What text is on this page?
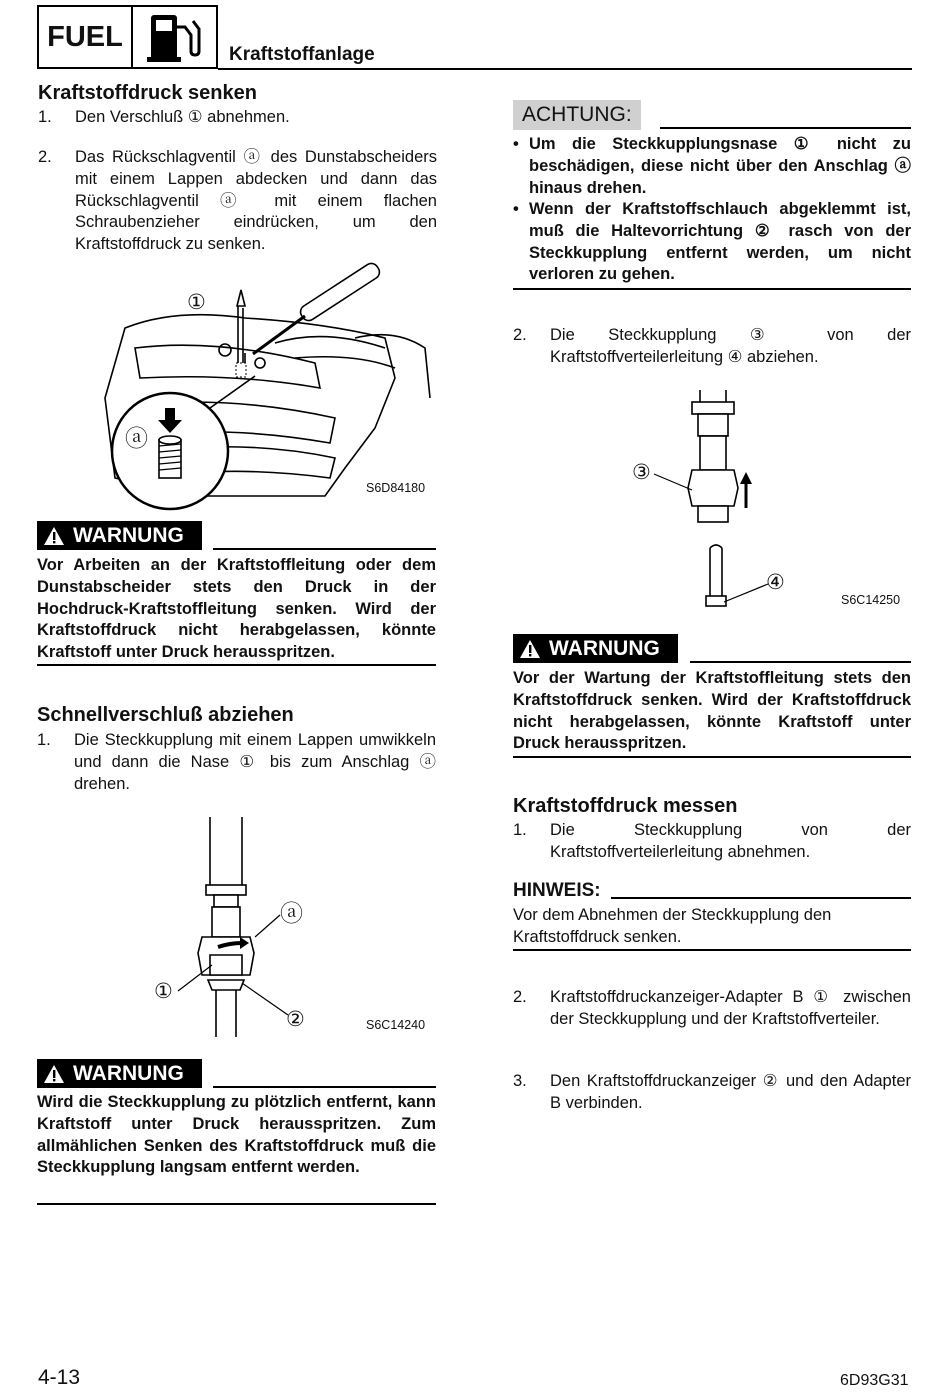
FUEL
Kraftstoffanlage
Kraftstoffdruck senken
1. Den Verschluß ① abnehmen.
2. Das Rückschlagventil ⓐ des Dunstabscheiders mit einem Lappen abdecken und dann das Rückschlagventil ⓐ mit einem flachen Schraubenzieher eindrücken, um den Kraftstoffdruck zu senken.
①
ⓐ
S6D84180
WARNUNG
Vor Arbeiten an der Kraftstoffleitung oder dem Dunstabscheider stets den Druck in der Hochdruck-Kraftstoffleitung senken. Wird der Kraftstoffdruck nicht herabgelassen, könnte Kraftstoff unter Druck herausspritzen.
Schnellverschluß abziehen
1. Die Steckkupplung mit einem Lappen umwikkeln und dann die Nase ① bis zum Anschlag ⓐ drehen.
ⓐ
①
②	S6C14240
WARNUNG
Wird die Steckkupplung zu plötzlich entfernt, kann Kraftstoff unter Druck herausspritzen. Zum allmählichen Senken des Kraftstoffdruck muß die Steckkupplung langsam entfernt werden.
ACHTUNG:
• Um die Steckkupplungsnase ① nicht zu beschädigen, diese nicht über den Anschlag ⓐ hinaus drehen.
• Wenn der Kraftstoffschlauch abgeklemmt ist, muß die Haltevorrichtung ② rasch von der Steckkupplung entfernt werden, um nicht verloren zu gehen.
2. Die Steckkupplung ③ von der Kraftstoffverteilerleitung ④ abziehen.
③
④
S6C14250
WARNUNG
Vor der Wartung der Kraftstoffleitung stets den Kraftstoffdruck senken. Wird der Kraftstoffdruck nicht herabgelassen, könnte Kraftstoff unter Druck herausspritzen.
Kraftstoffdruck messen
1. Die Steckkupplung von der Kraftstoffverteilerleitung abnehmen.
HINWEIS:
Vor dem Abnehmen der Steckkupplung den Kraftstoffdruck senken.
2. Kraftstoffdruckanzeiger-Adapter B ① zwischen der Steckkupplung und der Kraftstoffverteiler.
3. Den Kraftstoffdruckanzeiger ② und den Adapter B verbinden.
4-13	6D93G31
